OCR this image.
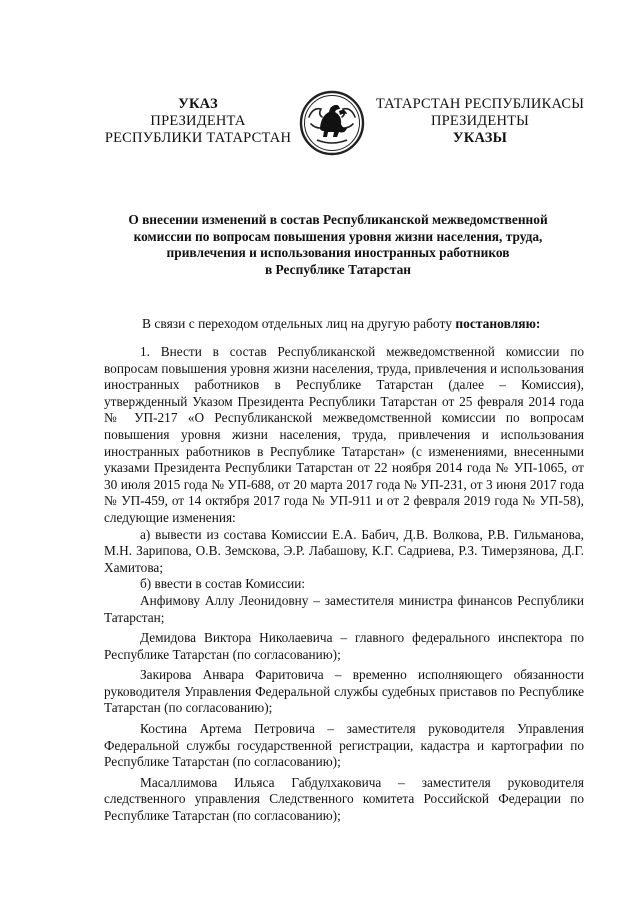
УКАЗ
ПРЕЗИДЕНТА
РЕСПУБЛИКИ ТАТАРСТАН
ТАТАРСТАН РЕСПУБЛИКАСЫ
ПРЕЗИДЕНТЫ
УКАЗЫ
О внесении изменений в состав Республиканской межведомственной
комиссии по вопросам повышения уровня жизни населения, труда,
привлечения и использования иностранных работников
в Республике Татарстан
В связи с переходом отдельных лиц на другую работу постановляю:

1. Внести в состав Республиканской межведомственной комиссии по вопросам повышения уровня жизни населения, труда, привлечения и использования иностранных работников в Республике Татарстан (далее – Комиссия), утвержденный Указом Президента Республики Татарстан от 25 февраля 2014 года № УП-217 «О Республиканской межведомственной комиссии по вопросам повышения уровня жизни населения, труда, привлечения и использования иностранных работников в Республике Татарстан» (с изменениями, внесенными указами Президента Республики Татарстан от 22 ноября 2014 года № УП-1065, от 30 июля 2015 года № УП-688, от 20 марта 2017 года № УП-231, от 3 июня 2017 года № УП-459, от 14 октября 2017 года № УП-911 и от 2 февраля 2019 года № УП-58), следующие изменения:

а) вывести из состава Комиссии Е.А. Бабич, Д.В. Волкова, Р.В. Гильманова, М.Н. Зарипова, О.В. Земскова, Э.Р. Лабашову, К.Г. Садриева, Р.З. Тимерзянова, Д.Г. Хамитова;

б) ввести в состав Комиссии:

Анфимову Аллу Леонидовну – заместителя министра финансов Республики Татарстан;

Демидова Виктора Николаевича – главного федерального инспектора по Республике Татарстан (по согласованию);

Закирова Анвара Фаритовича – временно исполняющего обязанности руководителя Управления Федеральной службы судебных приставов по Республике Татарстан (по согласованию);

Костина Артема Петровича – заместителя руководителя Управления Федеральной службы государственной регистрации, кадастра и картографии по Республике Татарстан (по согласованию);

Масаллимова Ильяса Габдулхаковича – заместителя руководителя следственного управления Следственного комитета Российской Федерации по Республике Татарстан (по согласованию);
